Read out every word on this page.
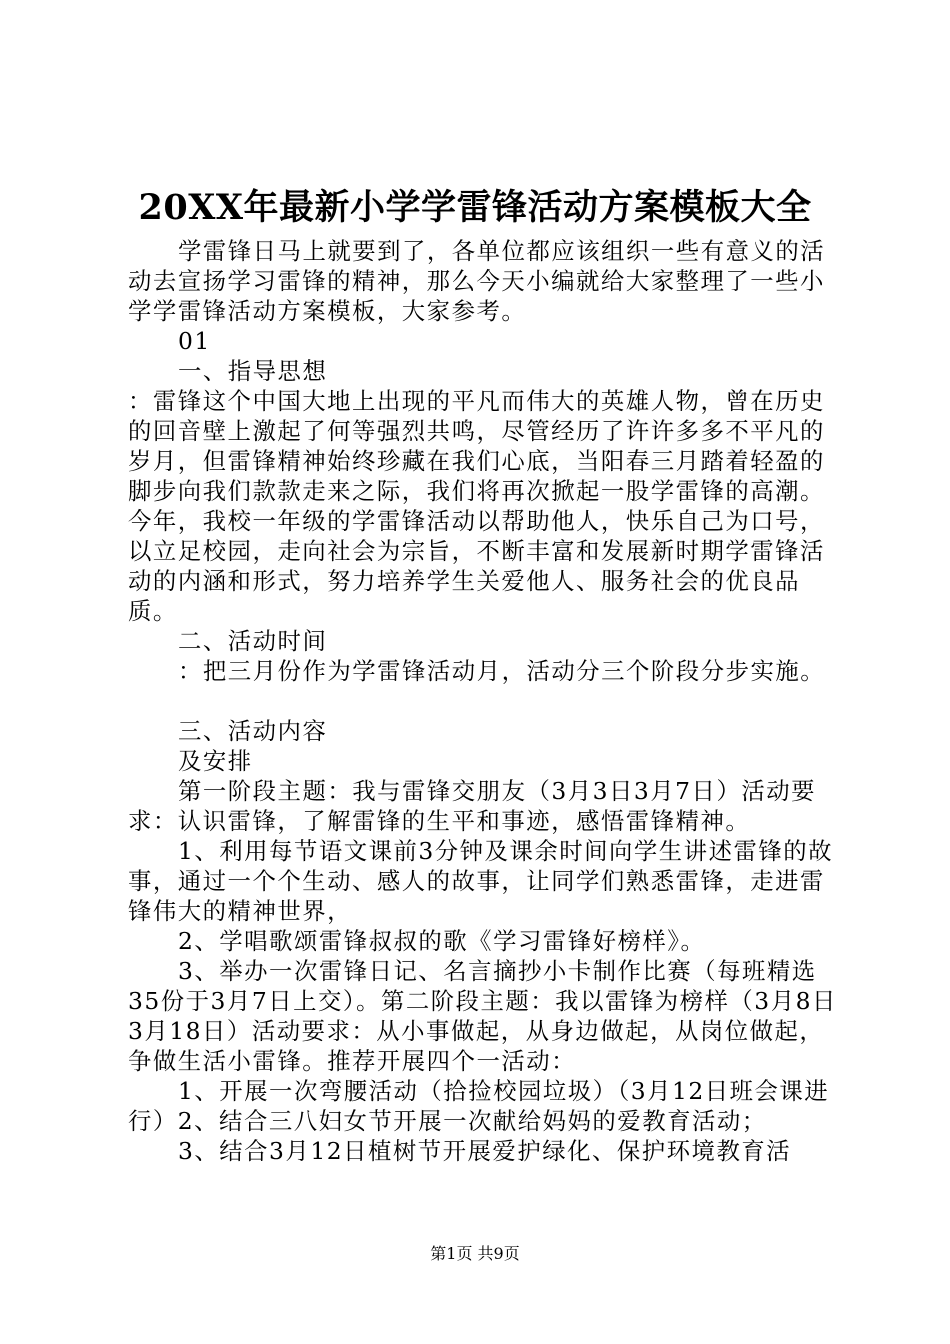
20XX年最新小学学雷锋活动方案模板大全

学雷锋日马上就要到了，各单位都应该组织一些有意义的活动去宣扬学习雷锋的精神，那么今天小编就给大家整理了一些小学学雷锋活动方案模板，大家参考。

01

一、指导思想

：雷锋这个中国大地上出现的平凡而伟大的英雄人物，曾在历史的回音壁上激起了何等强烈共鸣，尽管经历了许许多多不平凡的岁月，但雷锋精神始终珍藏在我们心底，当阳春三月踏着轻盈的脚步向我们款款走来之际，我们将再次掀起一股学雷锋的高潮。今年，我校一年级的学雷锋活动以帮助他人，快乐自己为口号，以立足校园，走向社会为宗旨，不断丰富和发展新时期学雷锋活动的内涵和形式，努力培养学生关爱他人、服务社会的优良品质。

二、活动时间

：把三月份作为学雷锋活动月，活动分三个阶段分步实施。

三、活动内容

及安排

第一阶段主题：我与雷锋交朋友（3月3日3月7日）活动要求：认识雷锋，了解雷锋的生平和事迹，感悟雷锋精神。

1、利用每节语文课前3分钟及课余时间向学生讲述雷锋的故事，通过一个个生动、感人的故事，让同学们熟悉雷锋，走进雷锋伟大的精神世界，

2、学唱歌颂雷锋叔叔的歌《学习雷锋好榜样》。

3、举办一次雷锋日记、名言摘抄小卡制作比赛（每班精选35份于3月7日上交）。第二阶段主题：我以雷锋为榜样（3月8日3月18日）活动要求：从小事做起，从身边做起，从岗位做起，争做生活小雷锋。推荐开展四个一活动：

1、开展一次弯腰活动（拾捡校园垃圾）（3月12日班会课进行）2、结合三八妇女节开展一次献给妈妈的爱教育活动；

3、结合3月12日植树节开展爱护绿化、保护环境教育活

第1页 共9页
